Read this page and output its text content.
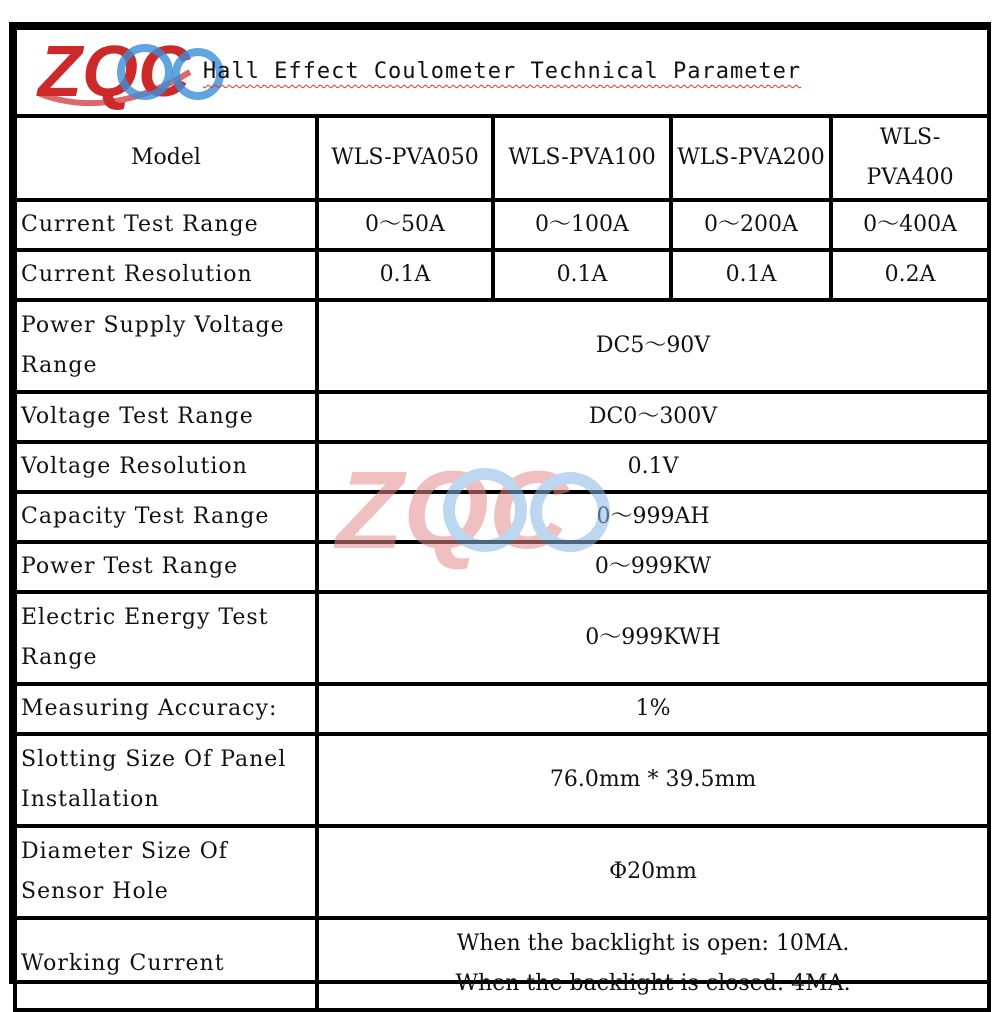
Hall Effect Coulometer Technical Parameter				
Model	WLS-PVA050	WLS-PVA100	WLS-PVA200	WLS-PVA400
Current Test Range	0～50A	0～100A	0～200A	0～400A
Current Resolution	0.1A	0.1A	0.1A	0.2A

Power Supply Voltage
Range	DC5～90V			
Voltage Test Range	DC0～300V			
Voltage Resolution	0.1V			
Capacity Test Range	0～999AH			
Power Test Range	0～999KW			

Electric Energy Test
Range	0～999KWH			
Measuring Accuracy:	1%			

Slotting Size Of Panel
Installation	76.0mm * 39.5mm			

Diameter Size Of
Sensor Hole	Φ20mm			
Working Current	When the backlight is open: 10MA.
When the backlight is closed: 4MA.			
ZQC
ZQC
